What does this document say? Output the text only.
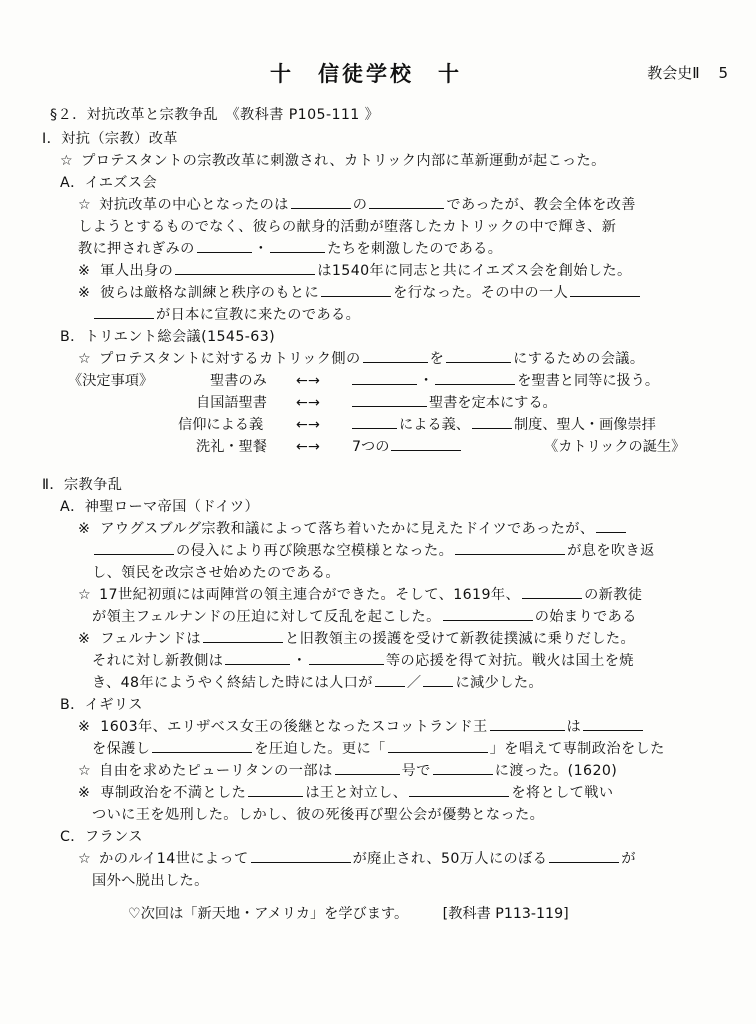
十　信徒学校　十	教会史Ⅱ 5
§２．対抗改革と宗教争乱　《教科書 P105-111 》
Ⅰ．対抗（宗教）改革
☆ プロテスタントの宗教改革に刺激され、カトリック内部に革新運動が起こった。
A．イエズス会
☆ 対抗改革の中心となったのは	の	であったが、教会全体を改善
しようとするものでなく、彼らの献身的活動が堕落したカトリックの中で輝き、新
教に押されぎみの	・	たちを刺激したのである。
※ 軍人出身の	は1540年に同志と共にイエズス会を創始した。
※ 彼らは厳格な訓練と秩序のもとに	を行なった。その中の一人
が日本に宣教に来たのである。
B．トリエント総会議(1545-63)
☆ プロテスタントに対するカトリック側の	を	にするための会議。
《決定事項》	聖書のみ ←→	・	を聖書と同等に扱う。
自国語聖書 ←→	聖書を定本にする。
信仰による義 ←→	による義、	制度、聖人・画像崇拝
洗礼・聖餐 ←→ 7つの	《カトリックの誕生》
Ⅱ．宗教争乱
A．神聖ローマ帝国（ドイツ）
※ アウグスブルグ宗教和議によって落ち着いたかに見えたドイツであったが、
の侵入により再び険悪な空模様となった。	が息を吹き返
し、領民を改宗させ始めたのである。
☆ 17世紀初頭には両陣営の領主連合ができた。そして、1619年、	の新教徒
が領主フェルナンドの圧迫に対して反乱を起こした。	の始まりである
※ フェルナンドは	と旧教領主の援護を受けて新教徒撲滅に乗りだした。
それに対し新教側は	・	等の応援を得て対抗。戦火は国土を焼
き、48年にようやく終結した時には人口が ／ に減少した。
B．イギリス
※ 1603年、エリザベス女王の後継となったスコットランド王	は
を保護し	を圧迫した。更に「	」を唱えて専制政治をした
☆ 自由を求めたピューリタンの一部は	号で	に渡った。(1620)
※ 専制政治を不満とした	は王と対立し、	を将として戦い
ついに王を処刑した。しかし、彼の死後再び聖公会が優勢となった。
C．フランス
☆ かのルイ14世によって	が廃止され、50万人にのぼる	が
国外へ脱出した。
♡次回は「新天地・アメリカ」を学びます。 [教科書 P113-119]
